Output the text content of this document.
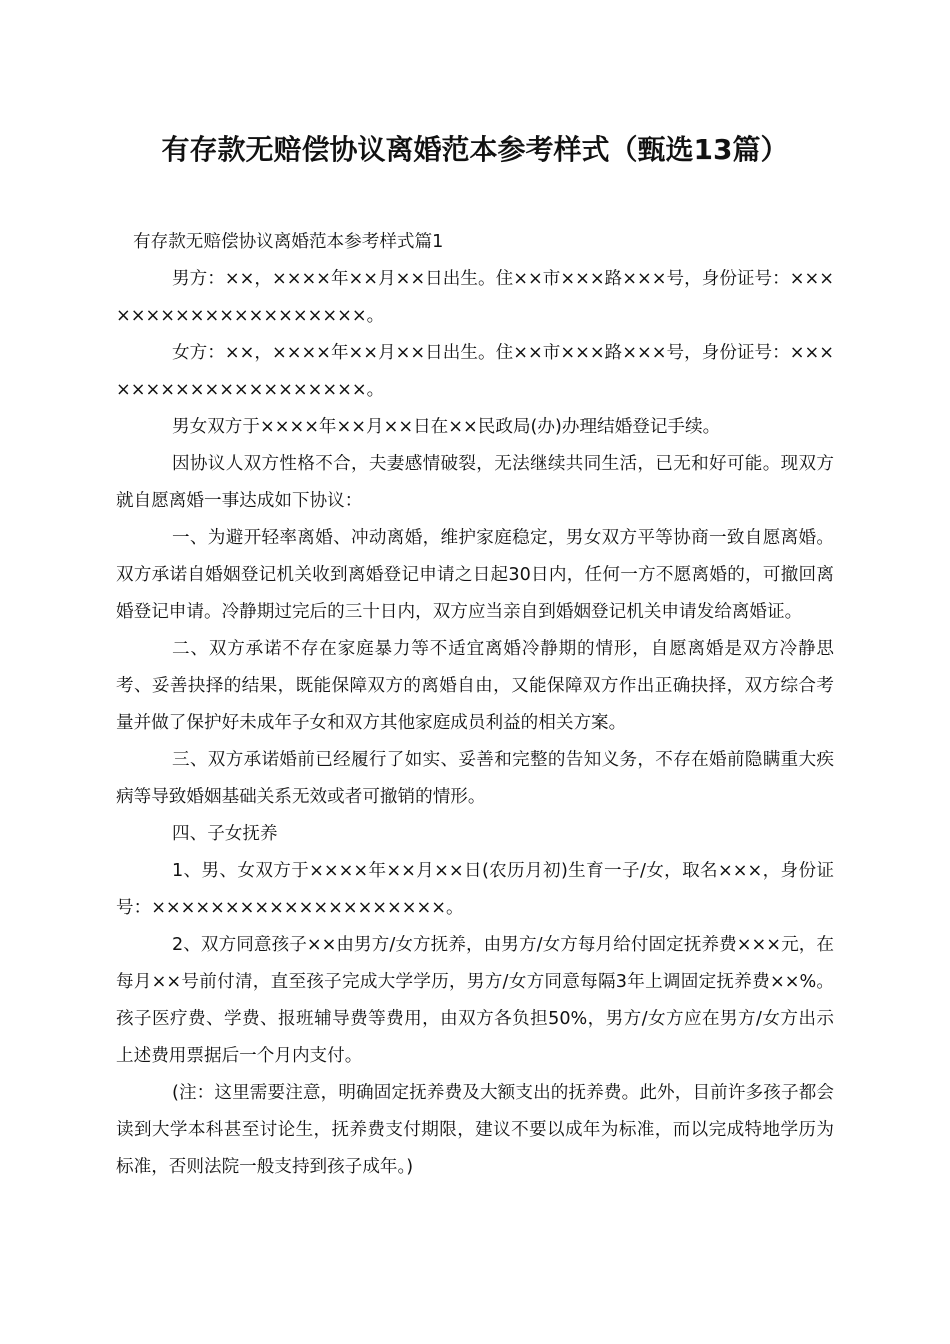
有存款无赔偿协议离婚范本参考样式（甄选13篇）

有存款无赔偿协议离婚范本参考样式篇1

男方：××，××××年××月××日出生。住××市×××路×××号，身份证号：××××××××××××××××××××。

女方：××，××××年××月××日出生。住××市×××路×××号，身份证号：××××××××××××××××××××。

男女双方于××××年××月××日在××民政局(办)办理结婚登记手续。

因协议人双方性格不合，夫妻感情破裂，无法继续共同生活，已无和好可能。现双方就自愿离婚一事达成如下协议：

一、为避开轻率离婚、冲动离婚，维护家庭稳定，男女双方平等协商一致自愿离婚。双方承诺自婚姻登记机关收到离婚登记申请之日起30日内，任何一方不愿离婚的，可撤回离婚登记申请。冷静期过完后的三十日内，双方应当亲自到婚姻登记机关申请发给离婚证。

二、双方承诺不存在家庭暴力等不适宜离婚冷静期的情形，自愿离婚是双方冷静思考、妥善抉择的结果，既能保障双方的离婚自由，又能保障双方作出正确抉择，双方综合考量并做了保护好未成年子女和双方其他家庭成员利益的相关方案。

三、双方承诺婚前已经履行了如实、妥善和完整的告知义务，不存在婚前隐瞒重大疾病等导致婚姻基础关系无效或者可撤销的情形。

四、子女抚养

1、男、女双方于××××年××月××日(农历月初)生育一子/女，取名×××，身份证号：××××××××××××××××××××。

2、双方同意孩子××由男方/女方抚养，由男方/女方每月给付固定抚养费×××元，在每月××号前付清，直至孩子完成大学学历，男方/女方同意每隔3年上调固定抚养费××%。孩子医疗费、学费、报班辅导费等费用，由双方各负担50%，男方/女方应在男方/女方出示上述费用票据后一个月内支付。

(注：这里需要注意，明确固定抚养费及大额支出的抚养费。此外，目前许多孩子都会读到大学本科甚至讨论生，抚养费支付期限，建议不要以成年为标准，而以完成特地学历为标准，否则法院一般支持到孩子成年。)
